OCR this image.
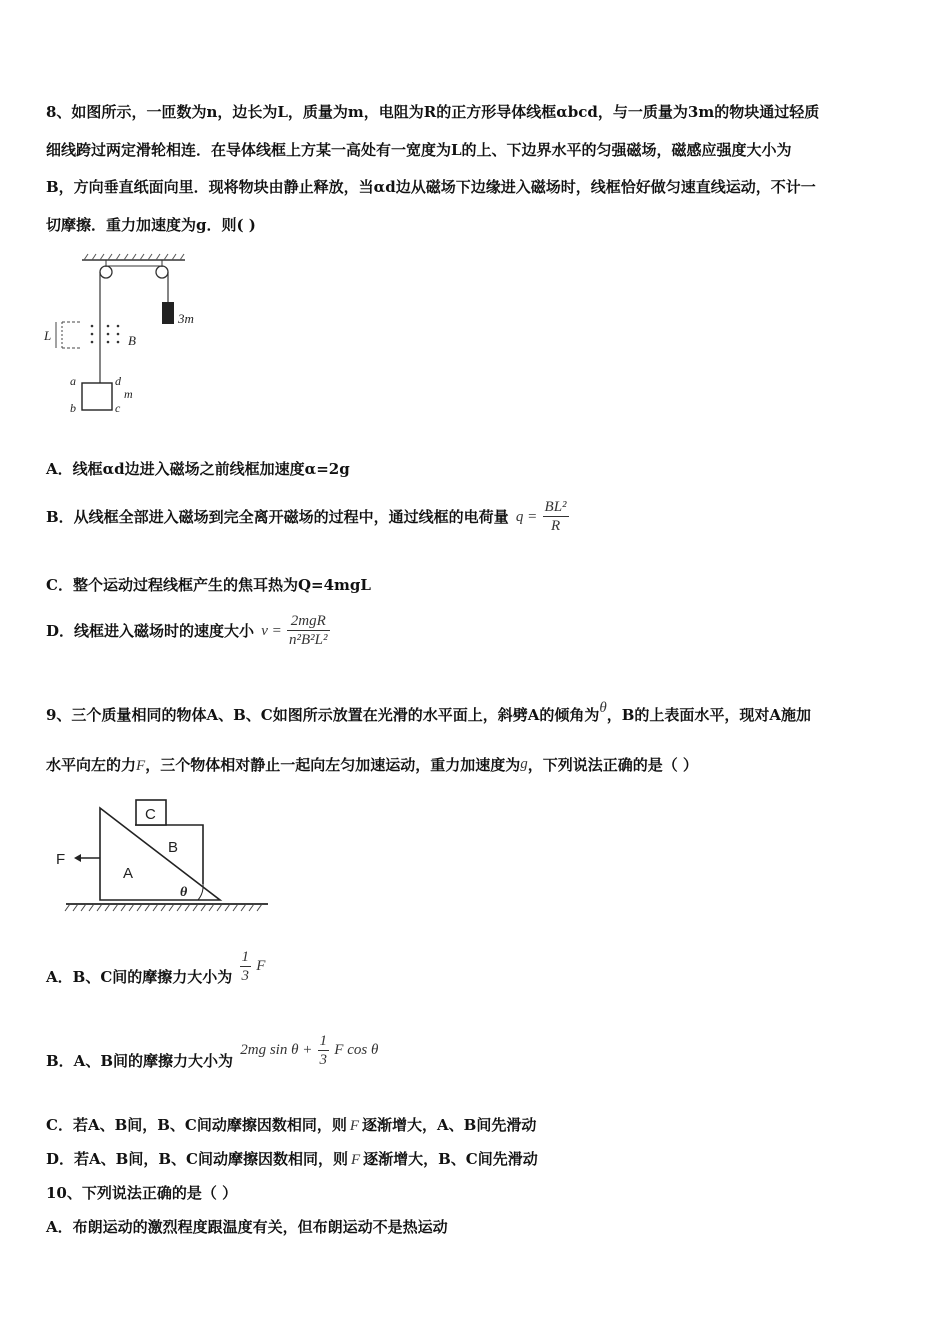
8、如图所示，一匝数为n，边长为L，质量为m，电阻为R的正方形导体线框αbcd，与一质量为3m的物块通过轻质
细线跨过两定滑轮相连．在导体线框上方某一高处有一宽度为L的上、下边界水平的匀强磁场，磁感应强度大小为
B，方向垂直纸面向里．现将物块由静止释放，当αd边从磁场下边缘进入磁场时，线框恰好做匀速直线运动，不计一
切摩擦．重力加速度为g．则( )
3m
L	B
a
b	c
d
m
A．线框αd边进入磁场之前线框加速度α=2g
B．从线框全部进入磁场到完全离开磁场的过程中，通过线框的电荷量 $q = \frac{\text{BL²}}{R}$
C．整个运动过程线框产生的焦耳热为Q=4mgL
D．线框进入磁场时的速度大小 $v = \frac{\text{2mgR}}{\text{n²B²L²}}$
9、三个质量相同的物体A、B、C如图所示放置在光滑的水平面上，斜劈A的倾角为θ，B的上表面水平，现对A施加
水平向左的力F，三个物体相对静止一起向左匀加速运动，重力加速度为g，下列说法正确的是（ ）
C
B
A
θ
F
A．B、C间的摩擦力大小为 $\frac{1}{3}$ F
B．A、B间的摩擦力大小为 2mg $\sin \theta + \frac{1}{3}$ F cos θ
C．若A、B间，B、C间动摩擦因数相同，则 F 逐渐增大，A、B间先滑动
D．若A、B间，B、C间动摩擦因数相同，则 F 逐渐增大，B、C间先滑动
10、下列说法正确的是（ ）
A．布朗运动的激烈程度跟温度有关，但布朗运动不是热运动
